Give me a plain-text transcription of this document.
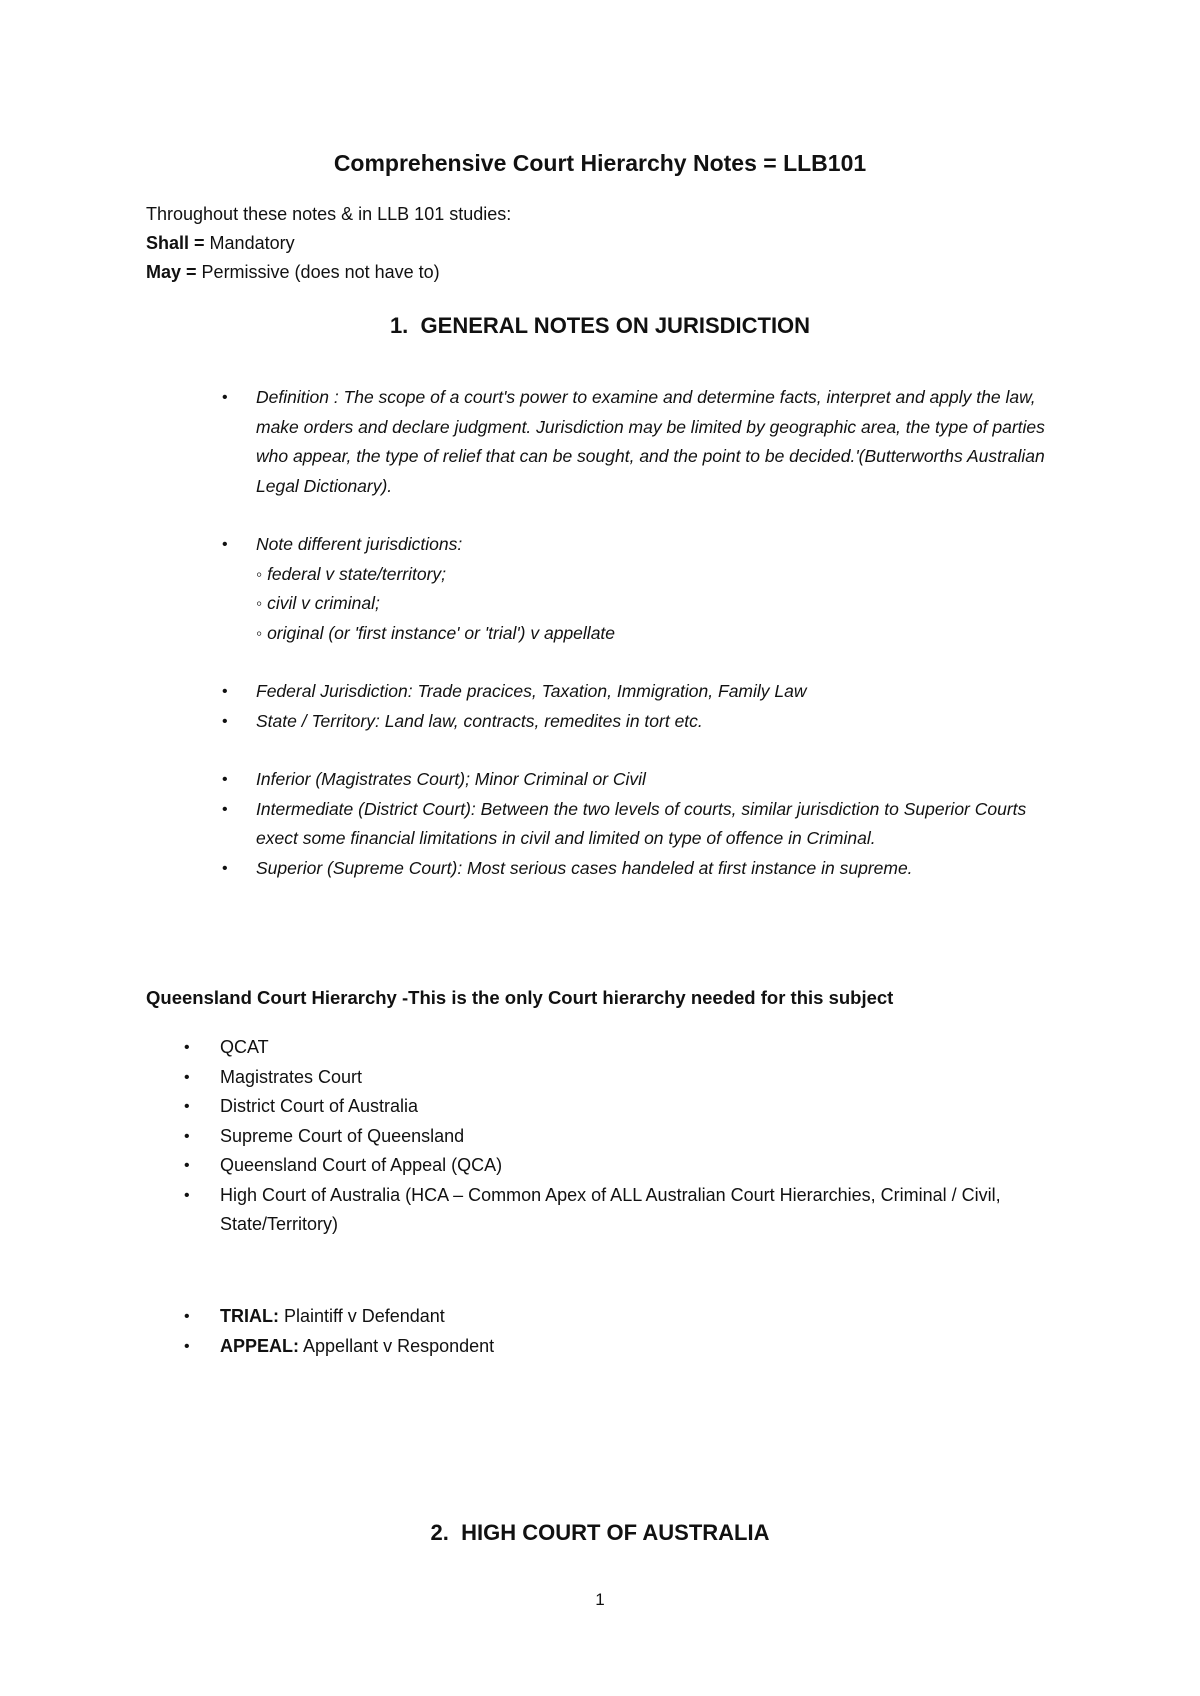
Comprehensive Court Hierarchy Notes = LLB101
Throughout these notes & in LLB 101 studies:
Shall = Mandatory
May = Permissive (does not have to)
1. GENERAL NOTES ON JURISDICTION
• Definition : The scope of a court's power to examine and determine facts, interpret and apply the law, make orders and declare judgment. Jurisdiction may be limited by geographic area, the type of parties who appear, the type of relief that can be sought, and the point to be decided.'(Butterworths Australian Legal Dictionary).
• Note different jurisdictions:
◦ federal v state/territory;
◦ civil v criminal;
◦ original (or 'first instance' or 'trial') v appellate
• Federal Jurisdiction: Trade pracices, Taxation, Immigration, Family Law
• State / Territory: Land law, contracts, remedites in tort etc.
• Inferior (Magistrates Court); Minor Criminal or Civil
• Intermediate (District Court): Between the two levels of courts, similar jurisdiction to Superior Courts exect some financial limitations in civil and limited on type of offence in Criminal.
• Superior (Supreme Court): Most serious cases handeled at first instance in supreme.
Queensland Court Hierarchy -This is the only Court hierarchy needed for this subject
• QCAT
• Magistrates Court
• District Court of Australia
• Supreme Court of Queensland
• Queensland Court of Appeal (QCA)
• High Court of Australia (HCA – Common Apex of ALL Australian Court Hierarchies, Criminal / Civil, State/Territory)
• TRIAL: Plaintiff v Defendant
• APPEAL: Appellant v Respondent
2. HIGH COURT OF AUSTRALIA
1
